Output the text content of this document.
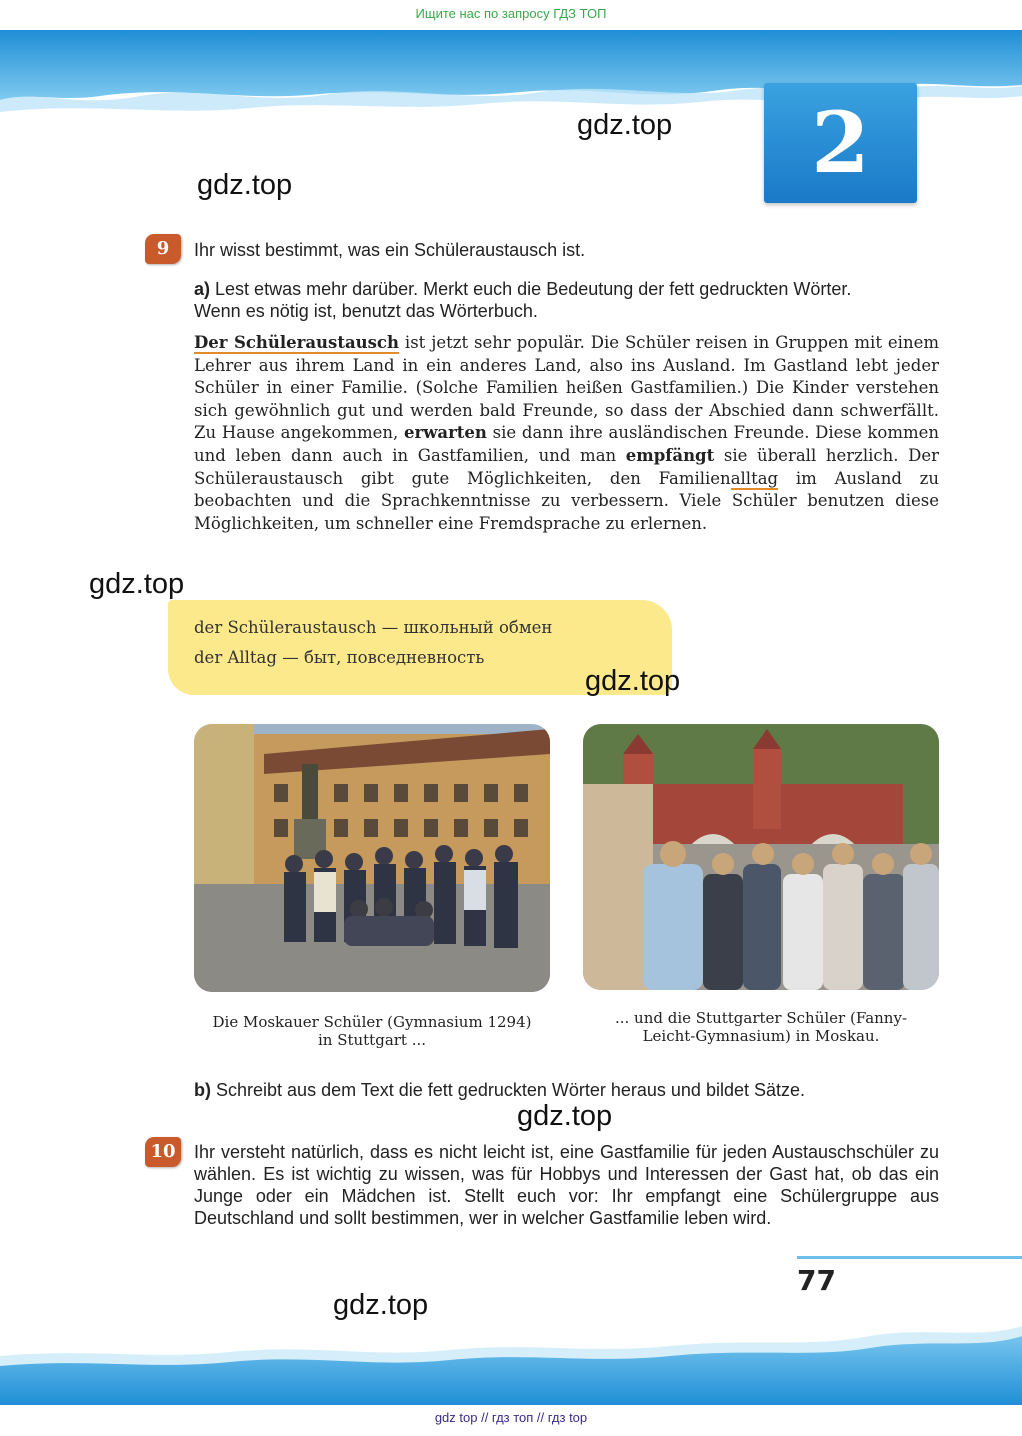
Ищите нас по запросу ГДЗ ТОП
2
gdz.top
gdz.top
9	Ihr wisst bestimmt, was ein Schüleraustausch ist.
a) Lest etwas mehr darüber. Merkt euch die Bedeutung der fett gedruckten Wörter.
Wenn es nötig ist, benutzt das Wörterbuch.
Der Schüleraustausch ist jetzt sehr populär. Die Schüler reisen in Gruppen mit einem Lehrer aus ihrem Land in ein anderes Land, also ins Ausland. Im Gastland lebt jeder Schüler in einer Familie. (Solche Familien heißen Gastfamilien.) Die Kinder verstehen sich gewöhnlich gut und werden bald Freunde, so dass der Abschied dann schwerfällt. Zu Hause angekommen, erwarten sie dann ihre ausländischen Freunde. Diese kommen und leben dann auch in Gastfamilien, und man empfängt sie überall herzlich. Der Schüleraustausch gibt gute Möglichkeiten, den Familienalltag im Ausland zu beobachten und die Sprachkenntnisse zu verbessern. Viele Schüler benutzen diese Möglichkeiten, um schneller eine Fremdsprache zu erlernen.
gdz.top
der Schüleraustausch — школьный обмен
der Alltag — быт, повседневность
gdz.top
Die Moskauer Schüler (Gymnasium 1294)
in Stuttgart ...
... und die Stuttgarter Schüler (Fanny-
Leicht-Gymnasium) in Moskau.
b) Schreibt aus dem Text die fett gedruckten Wörter heraus und bildet Sätze.
gdz.top
10	Ihr versteht natürlich, dass es nicht leicht ist, eine Gastfamilie für jeden Austauschschüler zu wählen. Es ist wichtig zu wissen, was für Hobbys und Interessen der Gast hat, ob das ein Junge oder ein Mädchen ist. Stellt euch vor: Ihr empfangt eine Schülergruppe aus Deutschland und sollt bestimmen, wer in welcher Gastfamilie leben wird.
77
gdz.top
gdz top // гдз топ // гдз top
